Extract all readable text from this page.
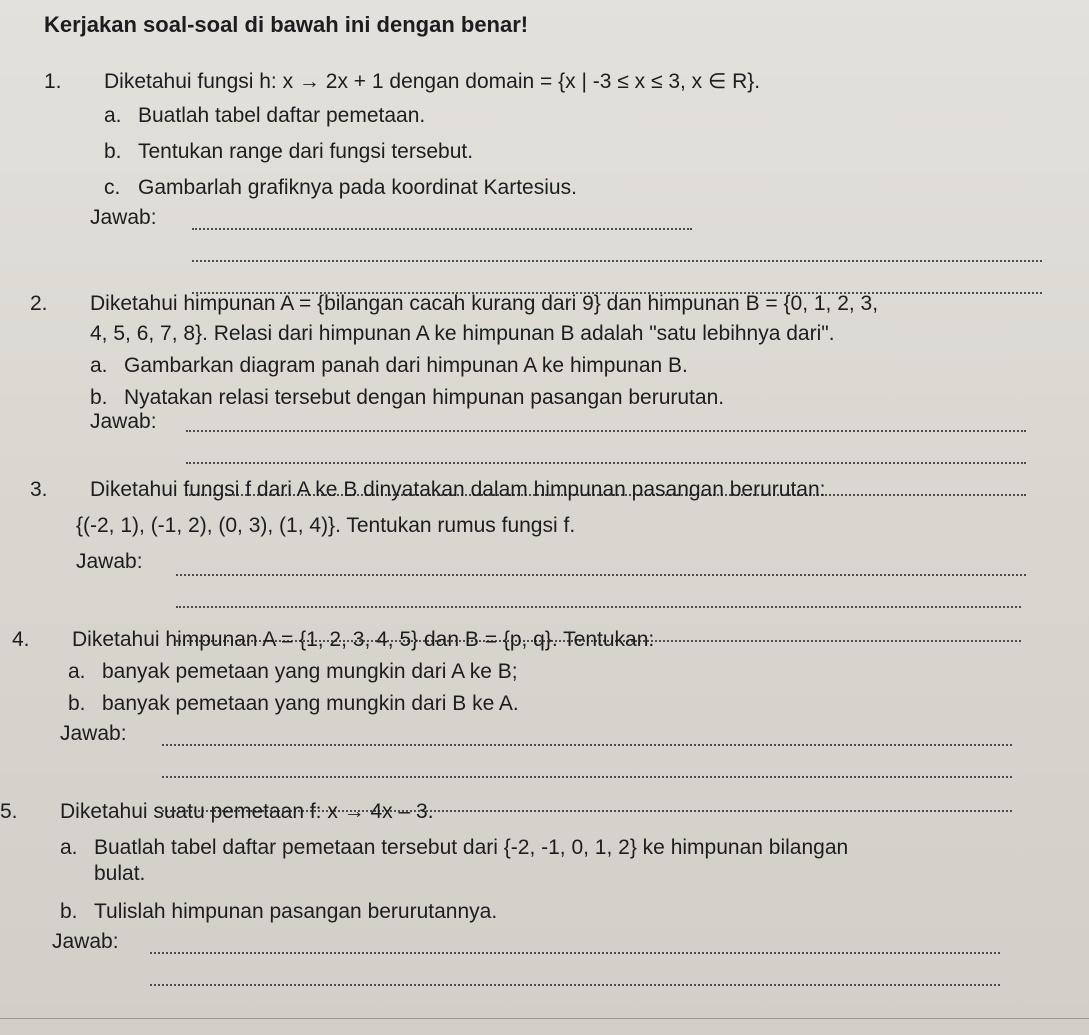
Kerjakan soal-soal di bawah ini dengan benar!
1. Diketahui fungsi h: x → 2x + 1 dengan domain = {x | -3 ≤ x ≤ 3, x ∈ R}.
a. Buatlah tabel daftar pemetaan.
b. Tentukan range dari fungsi tersebut.
c. Gambarlah grafiknya pada koordinat Kartesius.
Jawab:
2. Diketahui himpunan A = {bilangan cacah kurang dari 9} dan himpunan B = {0, 1, 2, 3,
4, 5, 6, 7, 8}. Relasi dari himpunan A ke himpunan B adalah "satu lebihnya dari".
a. Gambarkan diagram panah dari himpunan A ke himpunan B.
b. Nyatakan relasi tersebut dengan himpunan pasangan berurutan.
Jawab:
3. Diketahui fungsi f dari A ke B dinyatakan dalam himpunan pasangan berurutan:
{(-2, 1), (-1, 2), (0, 3), (1, 4)}. Tentukan rumus fungsi f.
Jawab:
4. Diketahui himpunan A = {1, 2, 3, 4, 5} dan B = {p, q}. Tentukan:
a. banyak pemetaan yang mungkin dari A ke B;
b. banyak pemetaan yang mungkin dari B ke A.
Jawab:
5. Diketahui suatu pemetaan f: x → 4x – 3.
a. Buatlah tabel daftar pemetaan tersebut dari {-2, -1, 0, 1, 2} ke himpunan bilangan
bulat.
b. Tulislah himpunan pasangan berurutannya.
Jawab:
